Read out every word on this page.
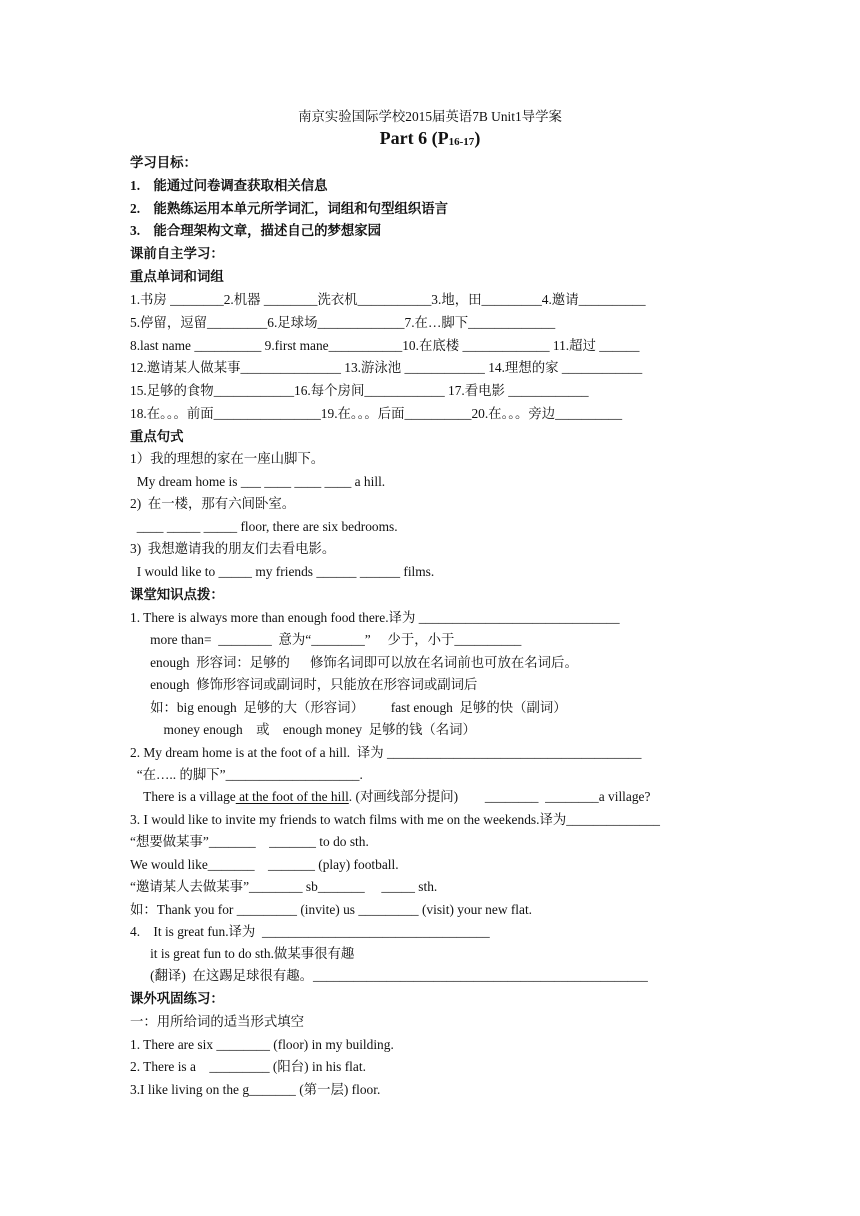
南京实验国际学校2015届英语7B Unit1导学案
Part 6 (P16-17)
学习目标：
1.    能通过问卷调查获取相关信息
2.    能熟练运用本单元所学词汇，词组和句型组织语言
3.    能合理架构文章，描述自己的梦想家园
课前自主学习：
重点单词和词组
1.书房 ________2.机器 ________洗衣机___________3.地，田_________4.邀请__________
5.停留，逗留_________6.足球场_____________7.在…脚下_____________
8.last name __________ 9.first mane___________10.在底楼 _____________ 11.超过 ______
12.邀请某人做某事_______________ 13.游泳池 ____________ 14.理想的家 ____________
15.足够的食物____________16.每个房间____________ 17.看电影 ____________
18.在。。。前面________________19.在。。。后面__________20.在。。。旁边__________
重点句式
1）我的理想的家在一座山脚下。
My dream home is ___ ____ ____ ____ a hill.
2)  在一楼，那有六间卧室。
____ _____ _____ floor, there are six bedrooms.
3)  我想邀请我的朋友们去看电影。
I would like to _____ my friends ______ ______ films.
课堂知识点拨：
1. There is always more than enough food there.译为 ______________________________
more than=  ________  意为“________”     少于，小于__________
enough  形容词：足够的      修饰名词即可以放在名词前也可放在名词后。
enough  修饰形容词或副词时，只能放在形容词或副词后
如：big enough  足够的大（形容词）        fast enough  足够的快（副词）
money enough    或    enough money  足够的钱（名词）
2. My dream home is at the foot of a hill.  译为 ______________________________________
“在….. 的脚下”____________________.
There is a village at the foot of the hill. (对画线部分提问)        ________  ________a village?
3. I would like to invite my friends to watch films with me on the weekends.译为______________
“想要做某事”_______    _______ to do sth.
We would like_______    _______ (play) football.
“邀请某人去做某事”________ sb_______     _____ sth.
如：Thank you for _________ (invite) us _________ (visit) your new flat.
4.    It is great fun.译为  __________________________________
it is great fun to do sth.做某事很有趣
(翻译)  在这踢足球很有趣。__________________________________________________
课外巩固练习：
一：用所给词的适当形式填空
1. There are six ________ (floor) in my building.
2. There is a    _________ (阳台) in his flat.
3.I like living on the g_______ (第一层) floor.
